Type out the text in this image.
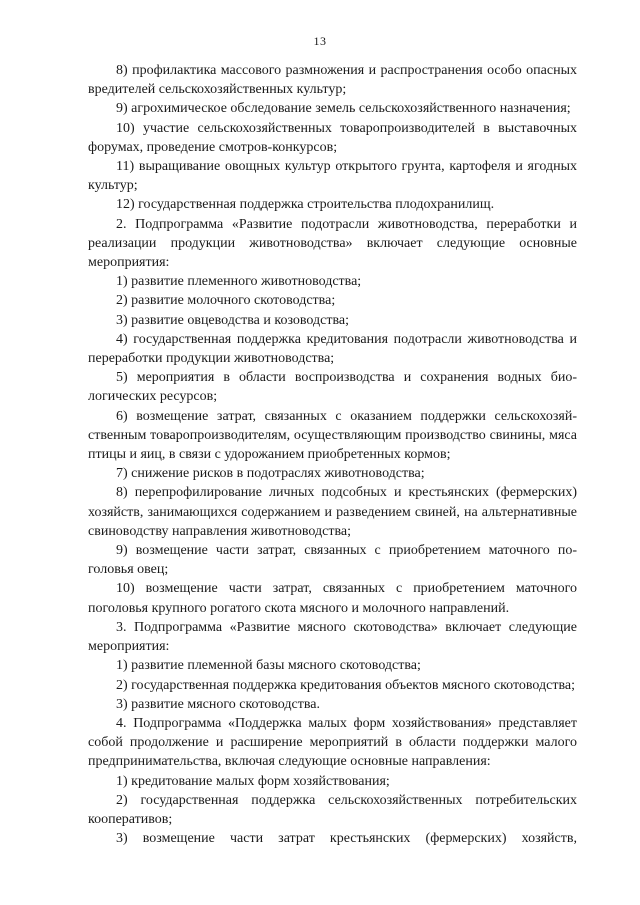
13

8) профилактика массового размножения и распространения особо опасных вредителей сельскохозяйственных культур;

9) агрохимическое обследование земель сельскохозяйственного назначения;

10) участие сельскохозяйственных товаропроизводителей в выставочных форумах, проведение смотров-конкурсов;

11) выращивание овощных культур открытого грунта, картофеля и ягодных культур;

12) государственная поддержка строительства плодохранилищ.

2. Подпрограмма «Развитие подотрасли животноводства, переработки и реализации продукции животноводства» включает следующие основные мероприятия:

1) развитие племенного животноводства;

2) развитие молочного скотоводства;

3) развитие овцеводства и козоводства;

4) государственная поддержка кредитования подотрасли животноводства и переработки продукции животноводства;

5) мероприятия в области воспроизводства и сохранения водных биологических ресурсов;

6) возмещение затрат, связанных с оказанием поддержки сельскохозяйственным товаропроизводителям, осуществляющим производство свинины, мяса птицы и яиц, в связи с удорожанием приобретенных кормов;

7) снижение рисков в подотраслях животноводства;

8) перепрофилирование личных подсобных и крестьянских (фермерских) хозяйств, занимающихся содержанием и разведением свиней, на альтернативные свиноводству направления животноводства;

9) возмещение части затрат, связанных с приобретением маточного поголовья овец;

10) возмещение части затрат, связанных с приобретением маточного поголовья крупного рогатого скота мясного и молочного направлений.

3. Подпрограмма «Развитие мясного скотоводства» включает следующие мероприятия:

1) развитие племенной базы мясного скотоводства;

2) государственная поддержка кредитования объектов мясного скотоводства;

3) развитие мясного скотоводства.

4. Подпрограмма «Поддержка малых форм хозяйствования» представляет собой продолжение и расширение мероприятий в области поддержки малого предпринимательства, включая следующие основные направления:

1) кредитование малых форм хозяйствования;

2) государственная поддержка сельскохозяйственных потребительских кооперативов;

3) возмещение части затрат крестьянских (фермерских) хозяйств,
